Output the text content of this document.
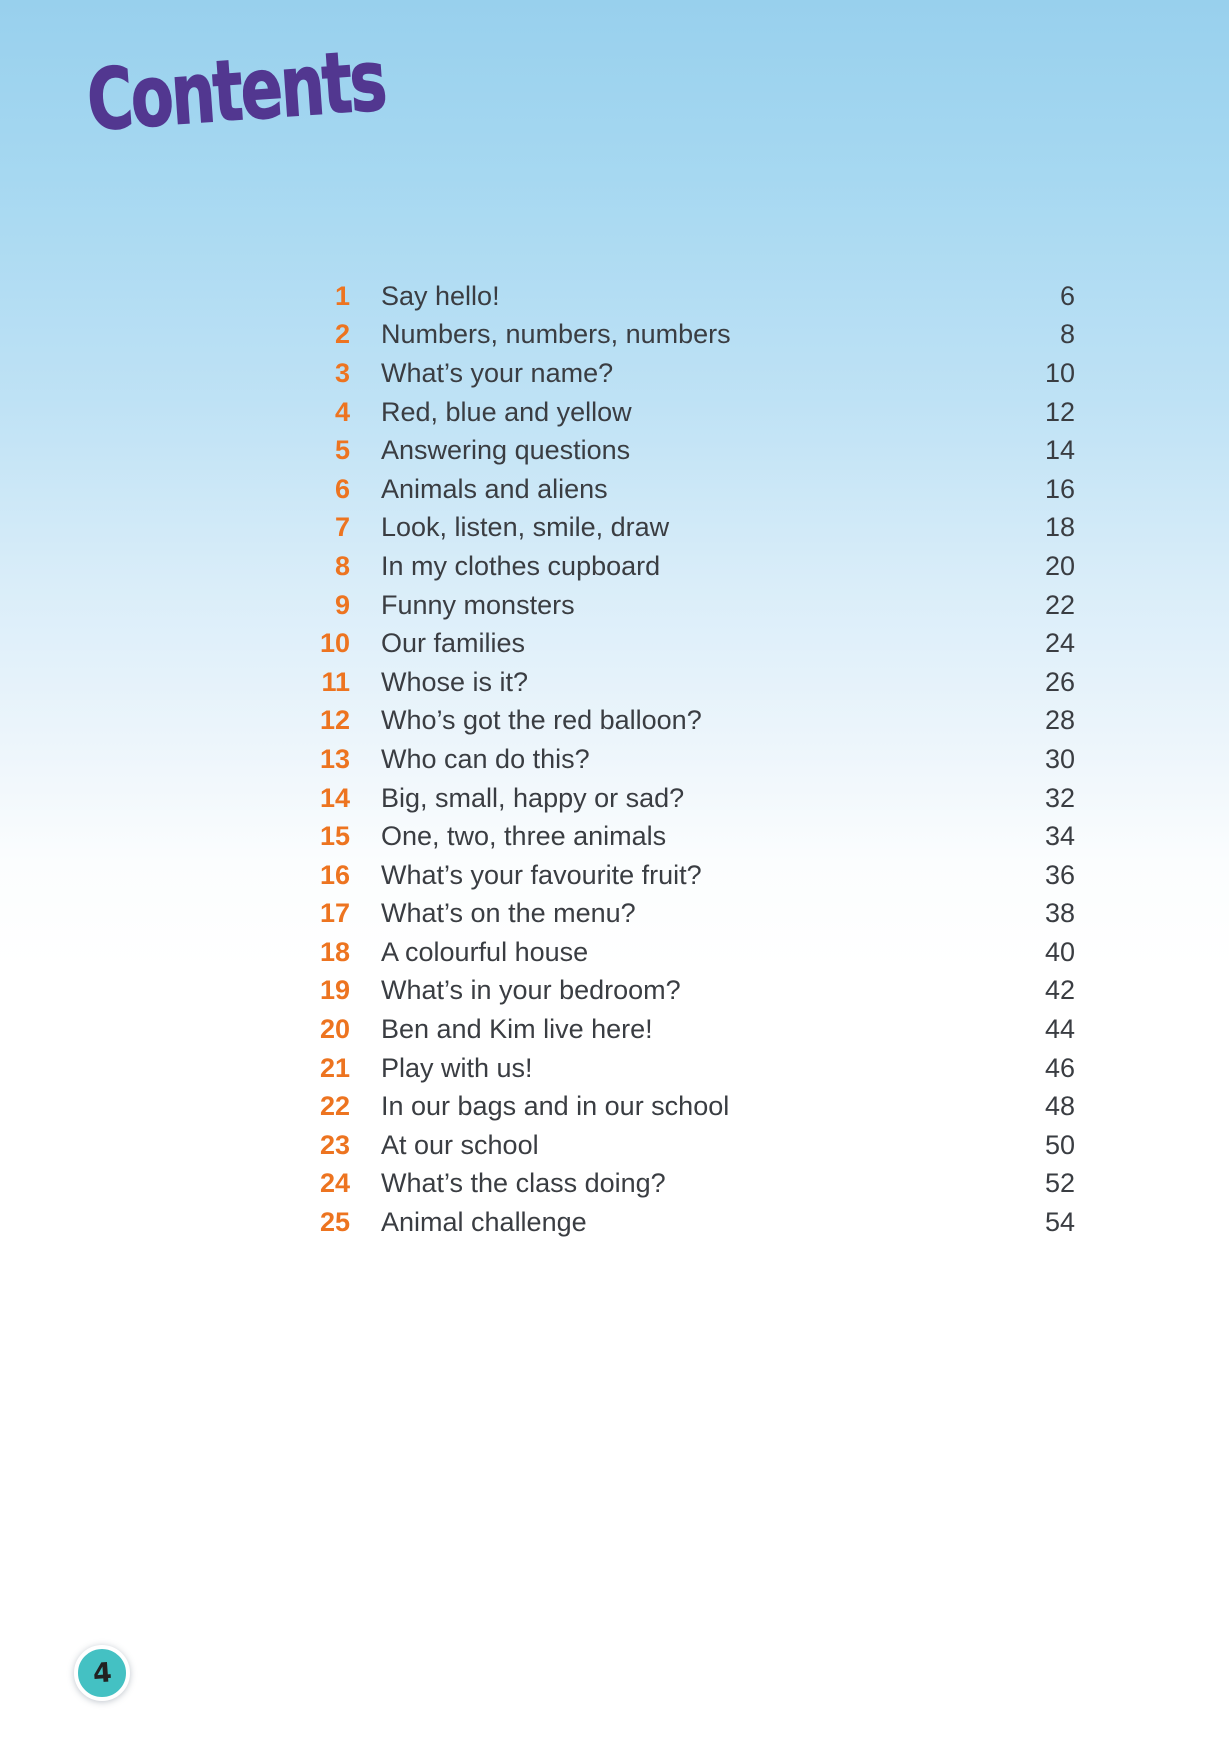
Contents
1 Say hello!	6
2 Numbers, numbers, numbers	8
3 What’s your name?	10
4 Red, blue and yellow	12
5 Answering questions	14
6 Animals and aliens	16
7 Look, listen, smile, draw	18
8 In my clothes cupboard	20
9 Funny monsters	22
10 Our families	24
11 Whose is it?	26
12 Who’s got the red balloon?	28
13 Who can do this?	30
14 Big, small, happy or sad?	32
15 One, two, three animals	34
16 What’s your favourite fruit?	36
17 What’s on the menu?	38
18 A colourful house	40
19 What’s in your bedroom?	42
20 Ben and Kim live here!	44
21 Play with us!	46
22 In our bags and in our school	48
23 At our school	50
24 What’s the class doing?	52
25 Animal challenge	54
4
